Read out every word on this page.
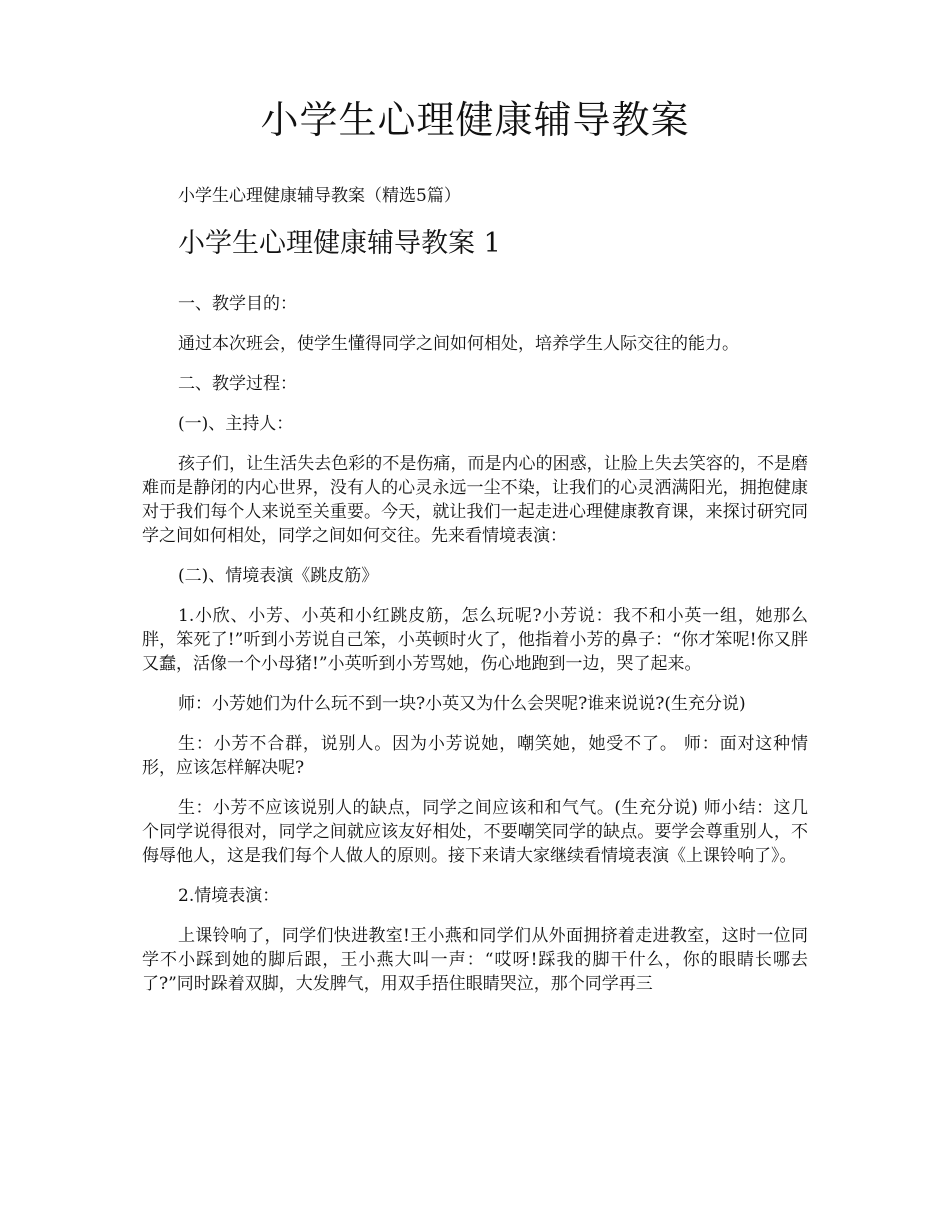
小学生心理健康辅导教案
小学生心理健康辅导教案（精选5篇）
小学生心理健康辅导教案 1

一、教学目的：

通过本次班会，使学生懂得同学之间如何相处，培养学生人际交往的能力。

二、教学过程：

(一)、主持人：

孩子们，让生活失去色彩的不是伤痛，而是内心的困惑，让脸上失去笑容的，不是磨难而是静闭的内心世界，没有人的心灵永远一尘不染，让我们的心灵洒满阳光，拥抱健康对于我们每个人来说至关重要。今天，就让我们一起走进心理健康教育课，来探讨研究同学之间如何相处，同学之间如何交往。先来看情境表演：

(二)、情境表演《跳皮筋》

1.小欣、小芳、小英和小红跳皮筋，怎么玩呢?小芳说：我不和小英一组，她那么胖，笨死了!”听到小芳说自己笨，小英顿时火了，他指着小芳的鼻子：“你才笨呢!你又胖又蠢，活像一个小母猪!”小英听到小芳骂她，伤心地跑到一边，哭了起来。

师：小芳她们为什么玩不到一块?小英又为什么会哭呢?谁来说说?(生充分说)

生：小芳不合群，说别人。因为小芳说她，嘲笑她，她受不了。 师：面对这种情形，应该怎样解决呢?

生：小芳不应该说别人的缺点，同学之间应该和和气气。(生充分说) 师小结：这几个同学说得很对，同学之间就应该友好相处，不要嘲笑同学的缺点。要学会尊重别人，不侮辱他人，这是我们每个人做人的原则。接下来请大家继续看情境表演《上课铃响了》。

2.情境表演：

上课铃响了，同学们快进教室!王小燕和同学们从外面拥挤着走进教室，这时一位同学不小踩到她的脚后跟，王小燕大叫一声：“哎呀!踩我的脚干什么，你的眼睛长哪去了?”同时跺着双脚，大发脾气，用双手捂住眼睛哭泣，那个同学再三
